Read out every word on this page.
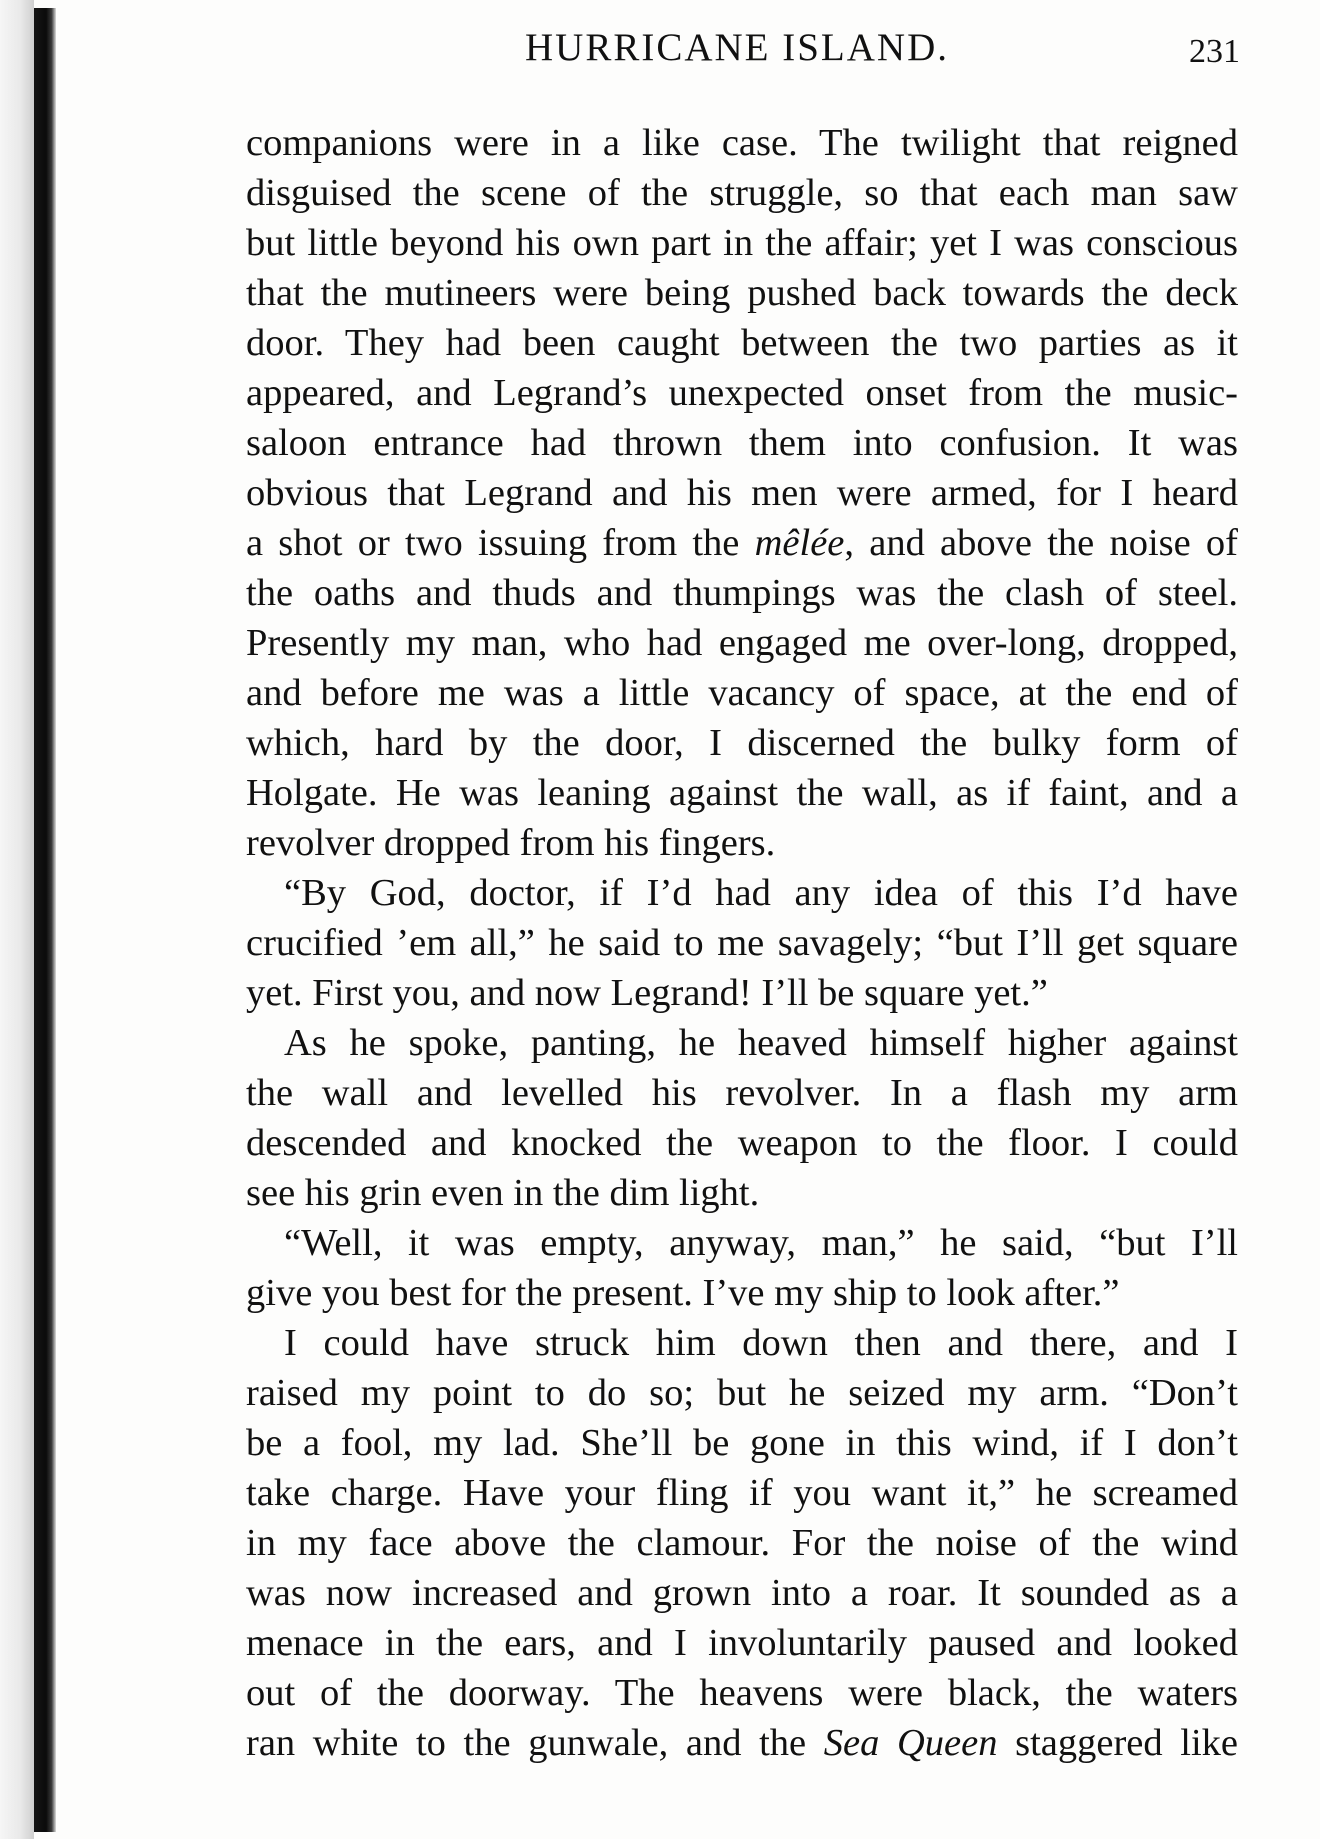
HURRICANE ISLAND.	231
companions were in a like case. The twilight that reigned
disguised the scene of the struggle, so that each man saw
but little beyond his own part in the affair; yet I was conscious
that the mutineers were being pushed back towards the deck
door. They had been caught between the two parties as it
appeared, and Legrand’s unexpected onset from the music-
saloon entrance had thrown them into confusion. It was
obvious that Legrand and his men were armed, for I heard
a shot or two issuing from the mêlée, and above the noise of
the oaths and thuds and thumpings was the clash of steel.
Presently my man, who had engaged me over-long, dropped,
and before me was a little vacancy of space, at the end of
which, hard by the door, I discerned the bulky form of
Holgate. He was leaning against the wall, as if faint, and a
revolver dropped from his fingers.
“By God, doctor, if I’d had any idea of this I’d have
crucified ’em all,” he said to me savagely; “but I’ll get square
yet. First you, and now Legrand! I’ll be square yet.”
As he spoke, panting, he heaved himself higher against
the wall and levelled his revolver. In a flash my arm
descended and knocked the weapon to the floor. I could
see his grin even in the dim light.
“Well, it was empty, anyway, man,” he said, “but I’ll
give you best for the present. I’ve my ship to look after.”
I could have struck him down then and there, and I
raised my point to do so; but he seized my arm. “Don’t
be a fool, my lad. She’ll be gone in this wind, if I don’t
take charge. Have your fling if you want it,” he screamed
in my face above the clamour. For the noise of the wind
was now increased and grown into a roar. It sounded as a
menace in the ears, and I involuntarily paused and looked
out of the doorway. The heavens were black, the waters
ran white to the gunwale, and the Sea Queen staggered like
